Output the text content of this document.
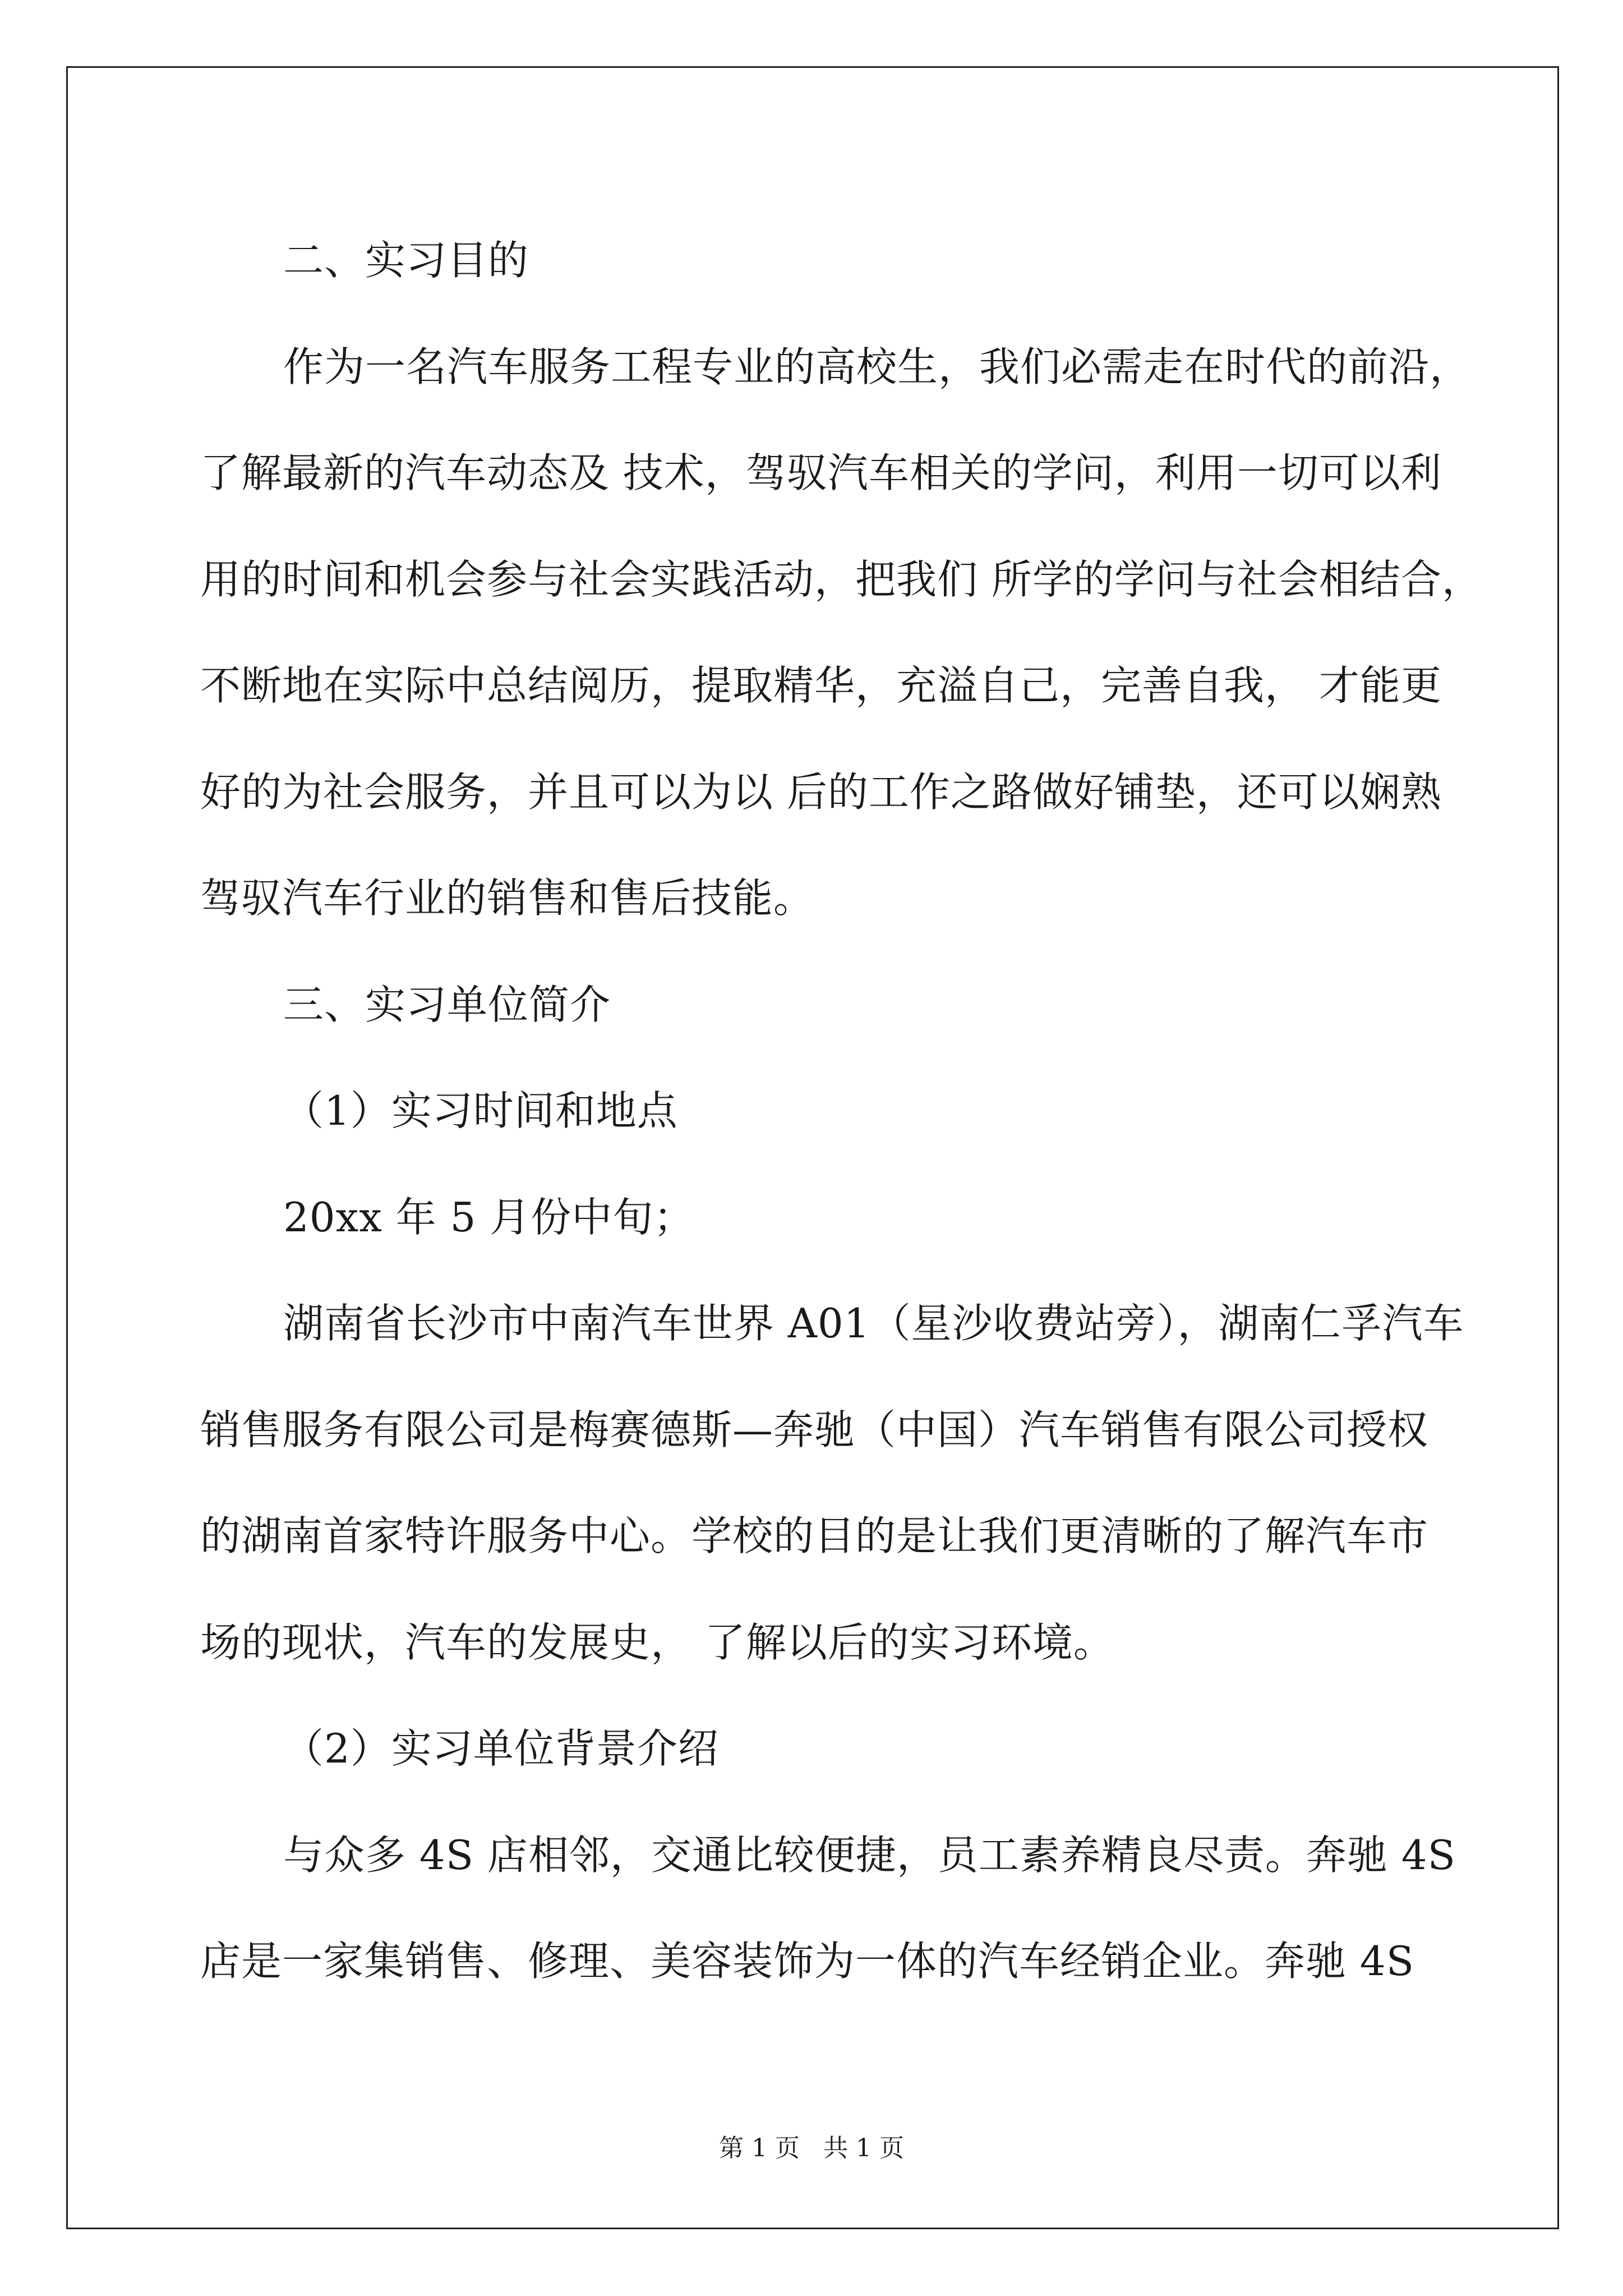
二、实习目的
作为一名汽车服务工程专业的高校生，我们必需走在时代的前沿，
了解最新的汽车动态及 技术，驾驭汽车相关的学问，利用一切可以利
用的时间和机会参与社会实践活动，把我们 所学的学问与社会相结合，
不断地在实际中总结阅历，提取精华，充溢自己，完善自我， 才能更
好的为社会服务，并且可以为以 后的工作之路做好铺垫，还可以娴熟
驾驭汽车行业的销售和售后技能。
三、实习单位简介
（1）实习时间和地点
20xx 年 5 月份中旬；
湖南省长沙市中南汽车世界 A01（星沙收费站旁），湖南仁孚汽车
销售服务有限公司是梅赛德斯—奔驰（中国）汽车销售有限公司授权
的湖南首家特许服务中心。学校的目的是让我们更清晰的了解汽车市
场的现状，汽车的发展史， 了解以后的实习环境。
（2）实习单位背景介绍
与众多 4S 店相邻，交通比较便捷，员工素养精良尽责。奔驰 4S
店是一家集销售、修理、美容装饰为一体的汽车经销企业。奔驰 4S
第 1 页   共 1 页
